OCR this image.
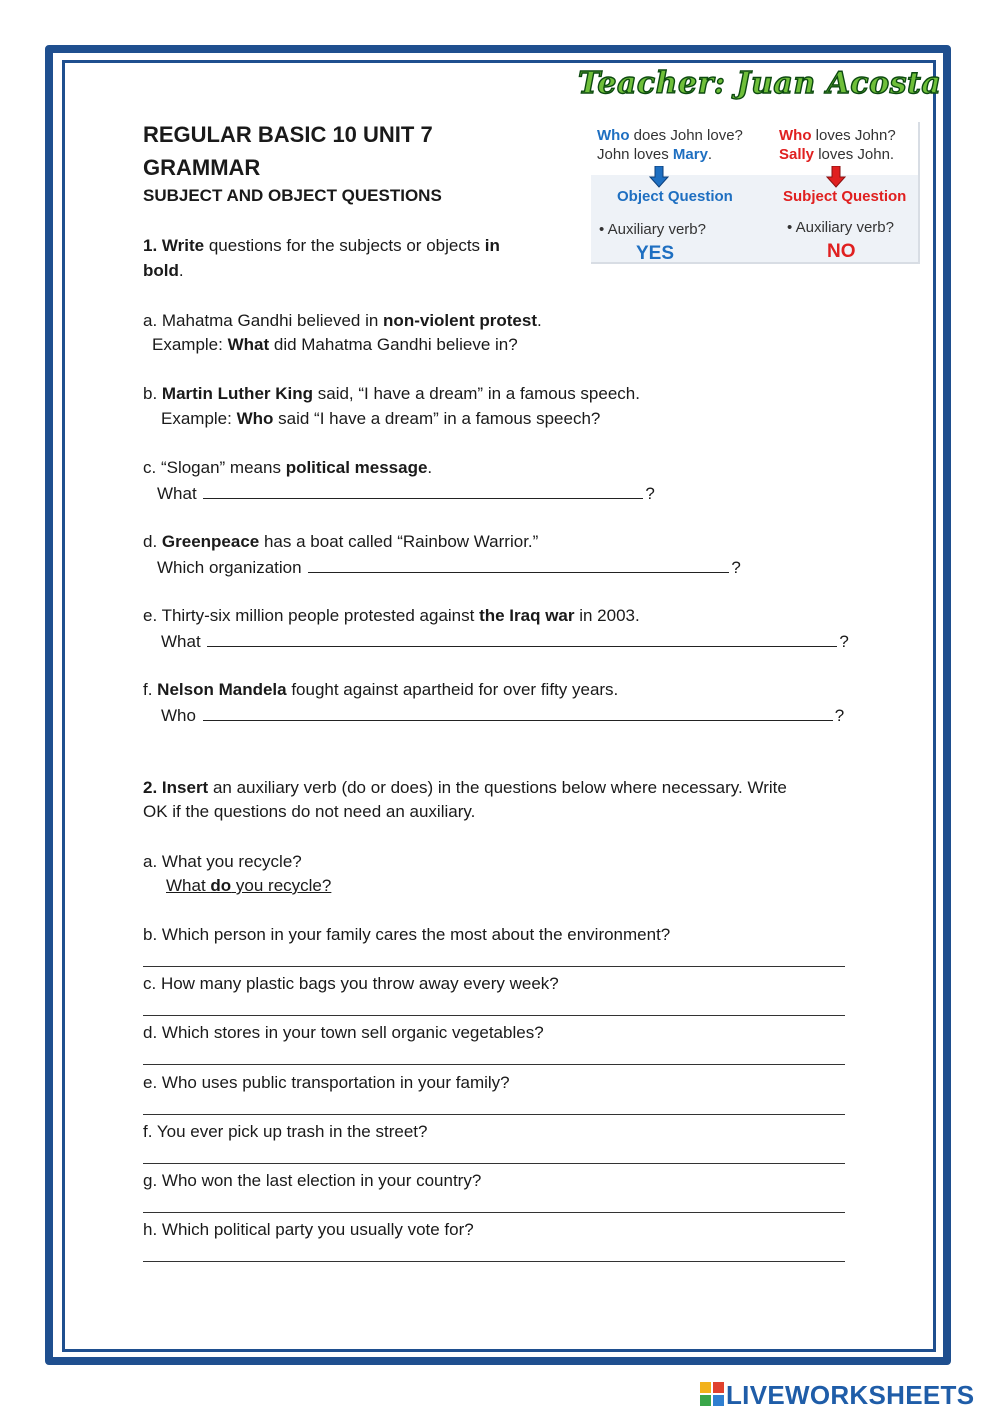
Teacher: Juan Acosta
REGULAR BASIC 10 UNIT 7
GRAMMAR
SUBJECT AND OBJECT QUESTIONS
Who does John love?
John loves Mary.
Object Question
• Auxiliary verb?
YES
Who loves John?
Sally loves John.
Subject Question
• Auxiliary verb?
NO
1. Write questions for the subjects or objects in
bold.
a. Mahatma Gandhi believed in non-violent protest.
Example: What did Mahatma Gandhi believe in?
b. Martin Luther King said, “I have a dream” in a famous speech.
Example: Who said “I have a dream” in a famous speech?
c. “Slogan” means political message.
What	?
d. Greenpeace has a boat called “Rainbow Warrior.”
Which organization	?
e. Thirty-six million people protested against the Iraq war in 2003.
What	?
f. Nelson Mandela fought against apartheid for over fifty years.
Who	?
2. Insert an auxiliary verb (do or does) in the questions below where necessary. Write
OK if the questions do not need an auxiliary.
a. What you recycle?
What do you recycle?
b. Which person in your family cares the most about the environment?
c. How many plastic bags you throw away every week?
d. Which stores in your town sell organic vegetables?
e. Who uses public transportation in your family?
f. You ever pick up trash in the street?
g. Who won the last election in your country?
h. Which political party you usually vote for?
LIVEWORKSHEETS
